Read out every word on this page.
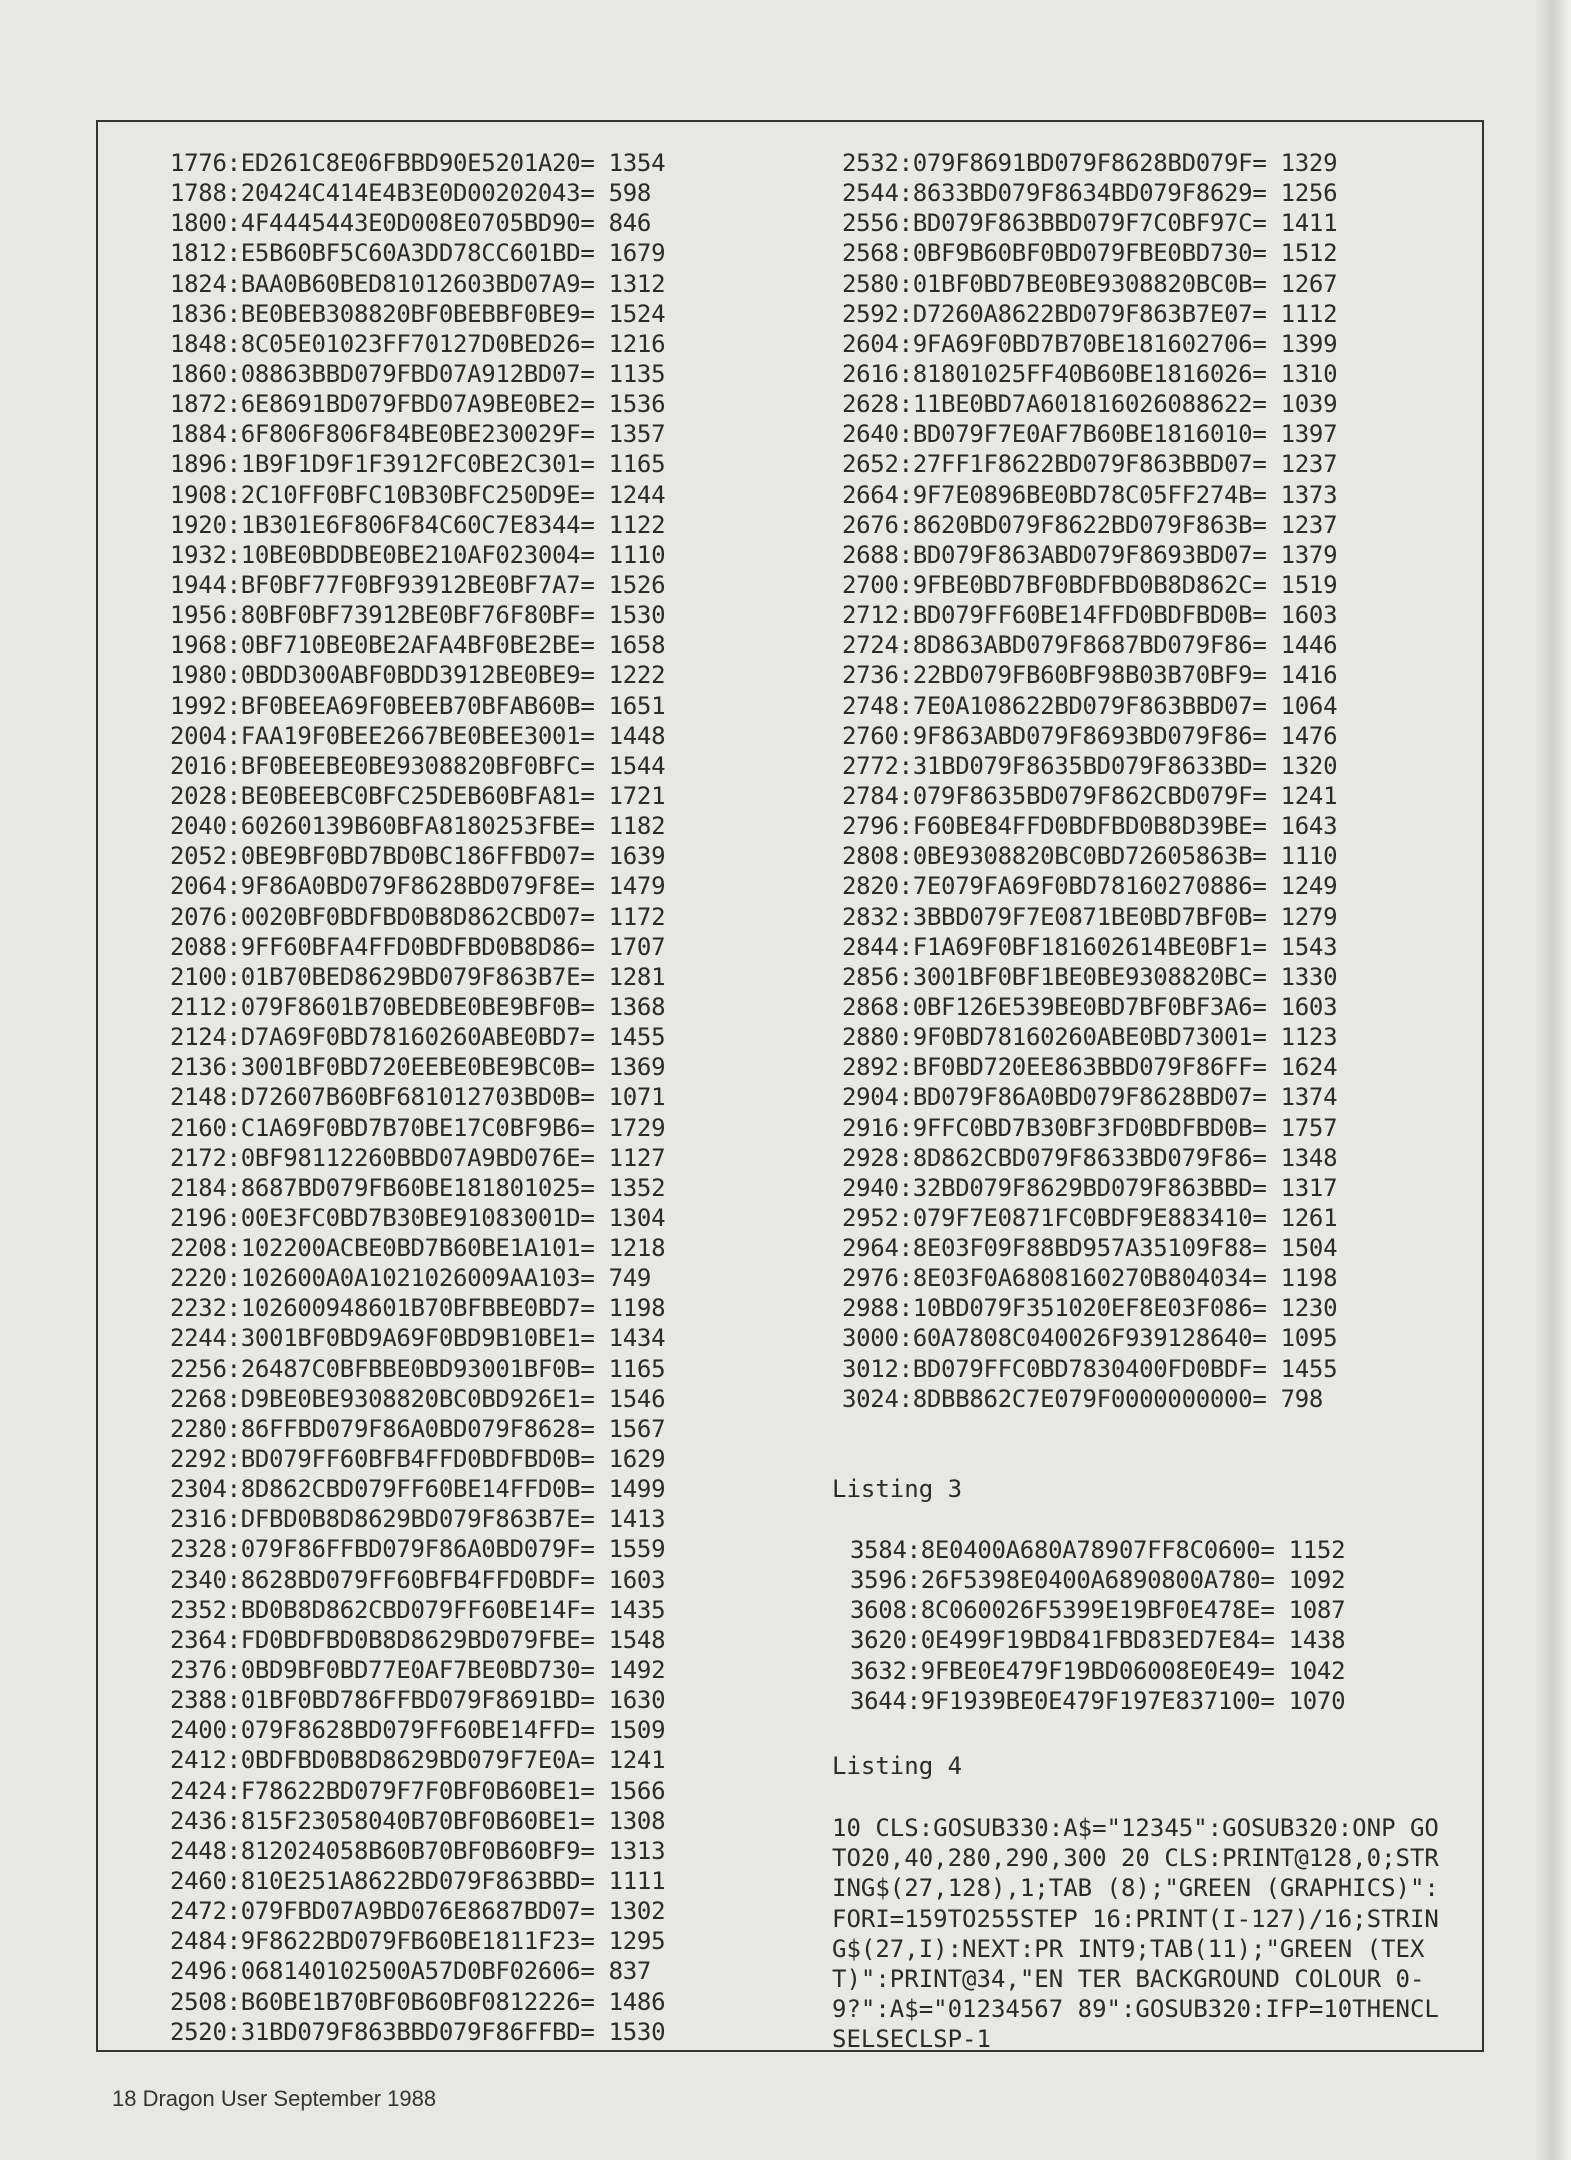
1776:ED261C8E06FBBD90E5201A20= 1354
1788:20424C414E4B3E0D00202043= 598
1800:4F4445443E0D008E0705BD90= 846
1812:E5B60BF5C60A3DD78CC601BD= 1679
1824:BAA0B60BED81012603BD07A9= 1312
1836:BE0BEB308820BF0BEBBF0BE9= 1524
1848:8C05E01023FF70127D0BED26= 1216
1860:08863BBD079FBD07A912BD07= 1135
1872:6E8691BD079FBD07A9BE0BE2= 1536
1884:6F806F806F84BE0BE230029F= 1357
1896:1B9F1D9F1F3912FC0BE2C301= 1165
1908:2C10FF0BFC10B30BFC250D9E= 1244
1920:1B301E6F806F84C60C7E8344= 1122
1932:10BE0BDDBE0BE210AF023004= 1110
1944:BF0BF77F0BF93912BE0BF7A7= 1526
1956:80BF0BF73912BE0BF76F80BF= 1530
1968:0BF710BE0BE2AFA4BF0BE2BE= 1658
1980:0BDD300ABF0BDD3912BE0BE9= 1222
1992:BF0BEEA69F0BEEB70BFAB60B= 1651
2004:FAA19F0BEE2667BE0BEE3001= 1448
2016:BF0BEEBE0BE9308820BF0BFC= 1544
2028:BE0BEEBC0BFC25DEB60BFA81= 1721
2040:60260139B60BFA8180253FBE= 1182
2052:0BE9BF0BD7BD0BC186FFBD07= 1639
2064:9F86A0BD079F8628BD079F8E= 1479
2076:0020BF0BDFBD0B8D862CBD07= 1172
2088:9FF60BFA4FFD0BDFBD0B8D86= 1707
2100:01B70BED8629BD079F863B7E= 1281
2112:079F8601B70BEDBE0BE9BF0B= 1368
2124:D7A69F0BD78160260ABE0BD7= 1455
2136:3001BF0BD720EEBE0BE9BC0B= 1369
2148:D72607B60BF681012703BD0B= 1071
2160:C1A69F0BD7B70BE17C0BF9B6= 1729
2172:0BF98112260BBD07A9BD076E= 1127
2184:8687BD079FB60BE181801025= 1352
2196:00E3FC0BD7B30BE91083001D= 1304
2208:102200ACBE0BD7B60BE1A101= 1218
2220:102600A0A1021026009AA103= 749
2232:102600948601B70BFBBE0BD7= 1198
2244:3001BF0BD9A69F0BD9B10BE1= 1434
2256:26487C0BFBBE0BD93001BF0B= 1165
2268:D9BE0BE9308820BC0BD926E1= 1546
2280:86FFBD079F86A0BD079F8628= 1567
2292:BD079FF60BFB4FFD0BDFBD0B= 1629
2304:8D862CBD079FF60BE14FFD0B= 1499
2316:DFBD0B8D8629BD079F863B7E= 1413
2328:079F86FFBD079F86A0BD079F= 1559
2340:8628BD079FF60BFB4FFD0BDF= 1603
2352:BD0B8D862CBD079FF60BE14F= 1435
2364:FD0BDFBD0B8D8629BD079FBE= 1548
2376:0BD9BF0BD77E0AF7BE0BD730= 1492
2388:01BF0BD786FFBD079F8691BD= 1630
2400:079F8628BD079FF60BE14FFD= 1509
2412:0BDFBD0B8D8629BD079F7E0A= 1241
2424:F78622BD079F7F0BF0B60BE1= 1566
2436:815F23058040B70BF0B60BE1= 1308
2448:812024058B60B70BF0B60BF9= 1313
2460:810E251A8622BD079F863BBD= 1111
2472:079FBD07A9BD076E8687BD07= 1302
2484:9F8622BD079FB60BE1811F23= 1295
2496:068140102500A57D0BF02606= 837
2508:B60BE1B70BF0B60BF0812226= 1486
2520:31BD079F863BBD079F86FFBD= 1530
2532:079F8691BD079F8628BD079F= 1329
2544:8633BD079F8634BD079F8629= 1256
2556:BD079F863BBD079F7C0BF97C= 1411
2568:0BF9B60BF0BD079FBE0BD730= 1512
2580:01BF0BD7BE0BE9308820BC0B= 1267
2592:D7260A8622BD079F863B7E07= 1112
2604:9FA69F0BD7B70BE181602706= 1399
2616:81801025FF40B60BE1816026= 1310
2628:11BE0BD7A601816026088622= 1039
2640:BD079F7E0AF7B60BE1816010= 1397
2652:27FF1F8622BD079F863BBD07= 1237
2664:9F7E0896BE0BD78C05FF274B= 1373
2676:8620BD079F8622BD079F863B= 1237
2688:BD079F863ABD079F8693BD07= 1379
2700:9FBE0BD7BF0BDFBD0B8D862C= 1519
2712:BD079FF60BE14FFD0BDFBD0B= 1603
2724:8D863ABD079F8687BD079F86= 1446
2736:22BD079FB60BF98B03B70BF9= 1416
2748:7E0A108622BD079F863BBD07= 1064
2760:9F863ABD079F8693BD079F86= 1476
2772:31BD079F8635BD079F8633BD= 1320
2784:079F8635BD079F862CBD079F= 1241
2796:F60BE84FFD0BDFBD0B8D39BE= 1643
2808:0BE9308820BC0BD72605863B= 1110
2820:7E079FA69F0BD78160270886= 1249
2832:3BBD079F7E0871BE0BD7BF0B= 1279
2844:F1A69F0BF181602614BE0BF1= 1543
2856:3001BF0BF1BE0BE9308820BC= 1330
2868:0BF126E539BE0BD7BF0BF3A6= 1603
2880:9F0BD78160260ABE0BD73001= 1123
2892:BF0BD720EE863BBD079F86FF= 1624
2904:BD079F86A0BD079F8628BD07= 1374
2916:9FFC0BD7B30BF3FD0BDFBD0B= 1757
2928:8D862CBD079F8633BD079F86= 1348
2940:32BD079F8629BD079F863BBD= 1317
2952:079F7E0871FC0BDF9E883410= 1261
2964:8E03F09F88BD957A35109F88= 1504
2976:8E03F0A6808160270B804034= 1198
2988:10BD079F351020EF8E03F086= 1230
3000:60A7808C040026F939128640= 1095
3012:BD079FFC0BD7830400FD0BDF= 1455
3024:8DBB862C7E079F0000000000= 798
Listing 3
3584:8E0400A680A78907FF8C0600= 1152
3596:26F5398E0400A6890800A780= 1092
3608:8C060026F5399E19BF0E478E= 1087
3620:0E499F19BD841FBD83ED7E84= 1438
3632:9FBE0E479F19BD06008E0E49= 1042
3644:9F1939BE0E479F197E837100= 1070
Listing 4
10 CLS:GOSUB330:A$="12345":GOSUB320:ONP GOTO20,40,280,290,300 20 CLS:PRINT@128,0;STRING$(27,128),1;TAB (8);"GREEN (GRAPHICS)":FORI=159TO255STEP 16:PRINT(I-127)/16;STRING$(27,I):NEXT:PR INT9;TAB(11);"GREEN (TEXT)":PRINT@34,"EN TER BACKGROUND COLOUR 0-9?":A$="01234567 89":GOSUB320:IFP=10THENCLSELSECLSP-1
18 Dragon User September 1988
